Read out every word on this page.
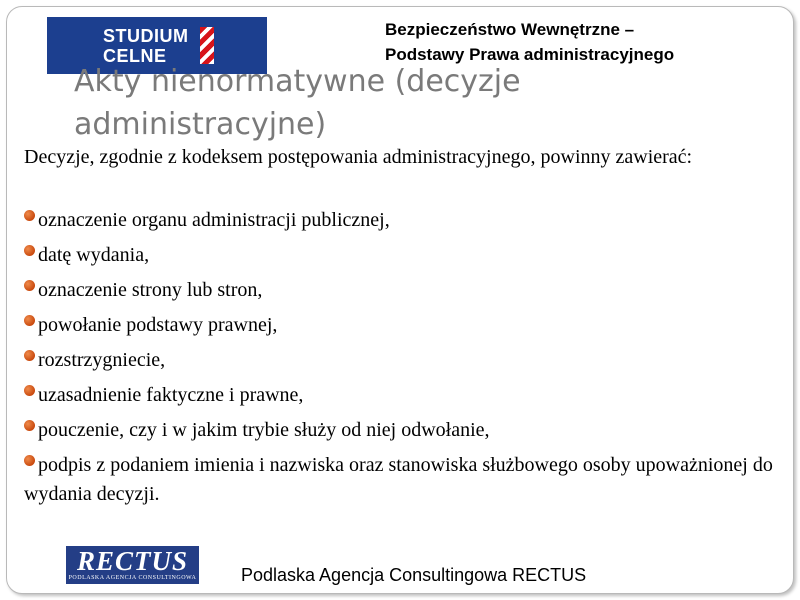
STUDIUM
CELNE
Bezpieczeństwo Wewnętrzne –
Podstawy Prawa administracyjnego
Akty nienormatywne (decyzje
administracyjne)
Decyzje, zgodnie z kodeksem postępowania administracyjnego, powinny zawierać:
oznaczenie organu administracji publicznej,
datę wydania,
oznaczenie strony lub stron,
powołanie podstawy prawnej,
rozstrzygniecie,
uzasadnienie faktyczne i prawne,
pouczenie, czy i w jakim trybie służy od niej odwołanie,
podpis z podaniem imienia i nazwiska oraz stanowiska służbowego osoby upoważnionej do wydania decyzji.
RECTUS
PODLASKA AGENCJA CONSULTINGOWA Podlaska Agencja Consultingowa RECTUS
